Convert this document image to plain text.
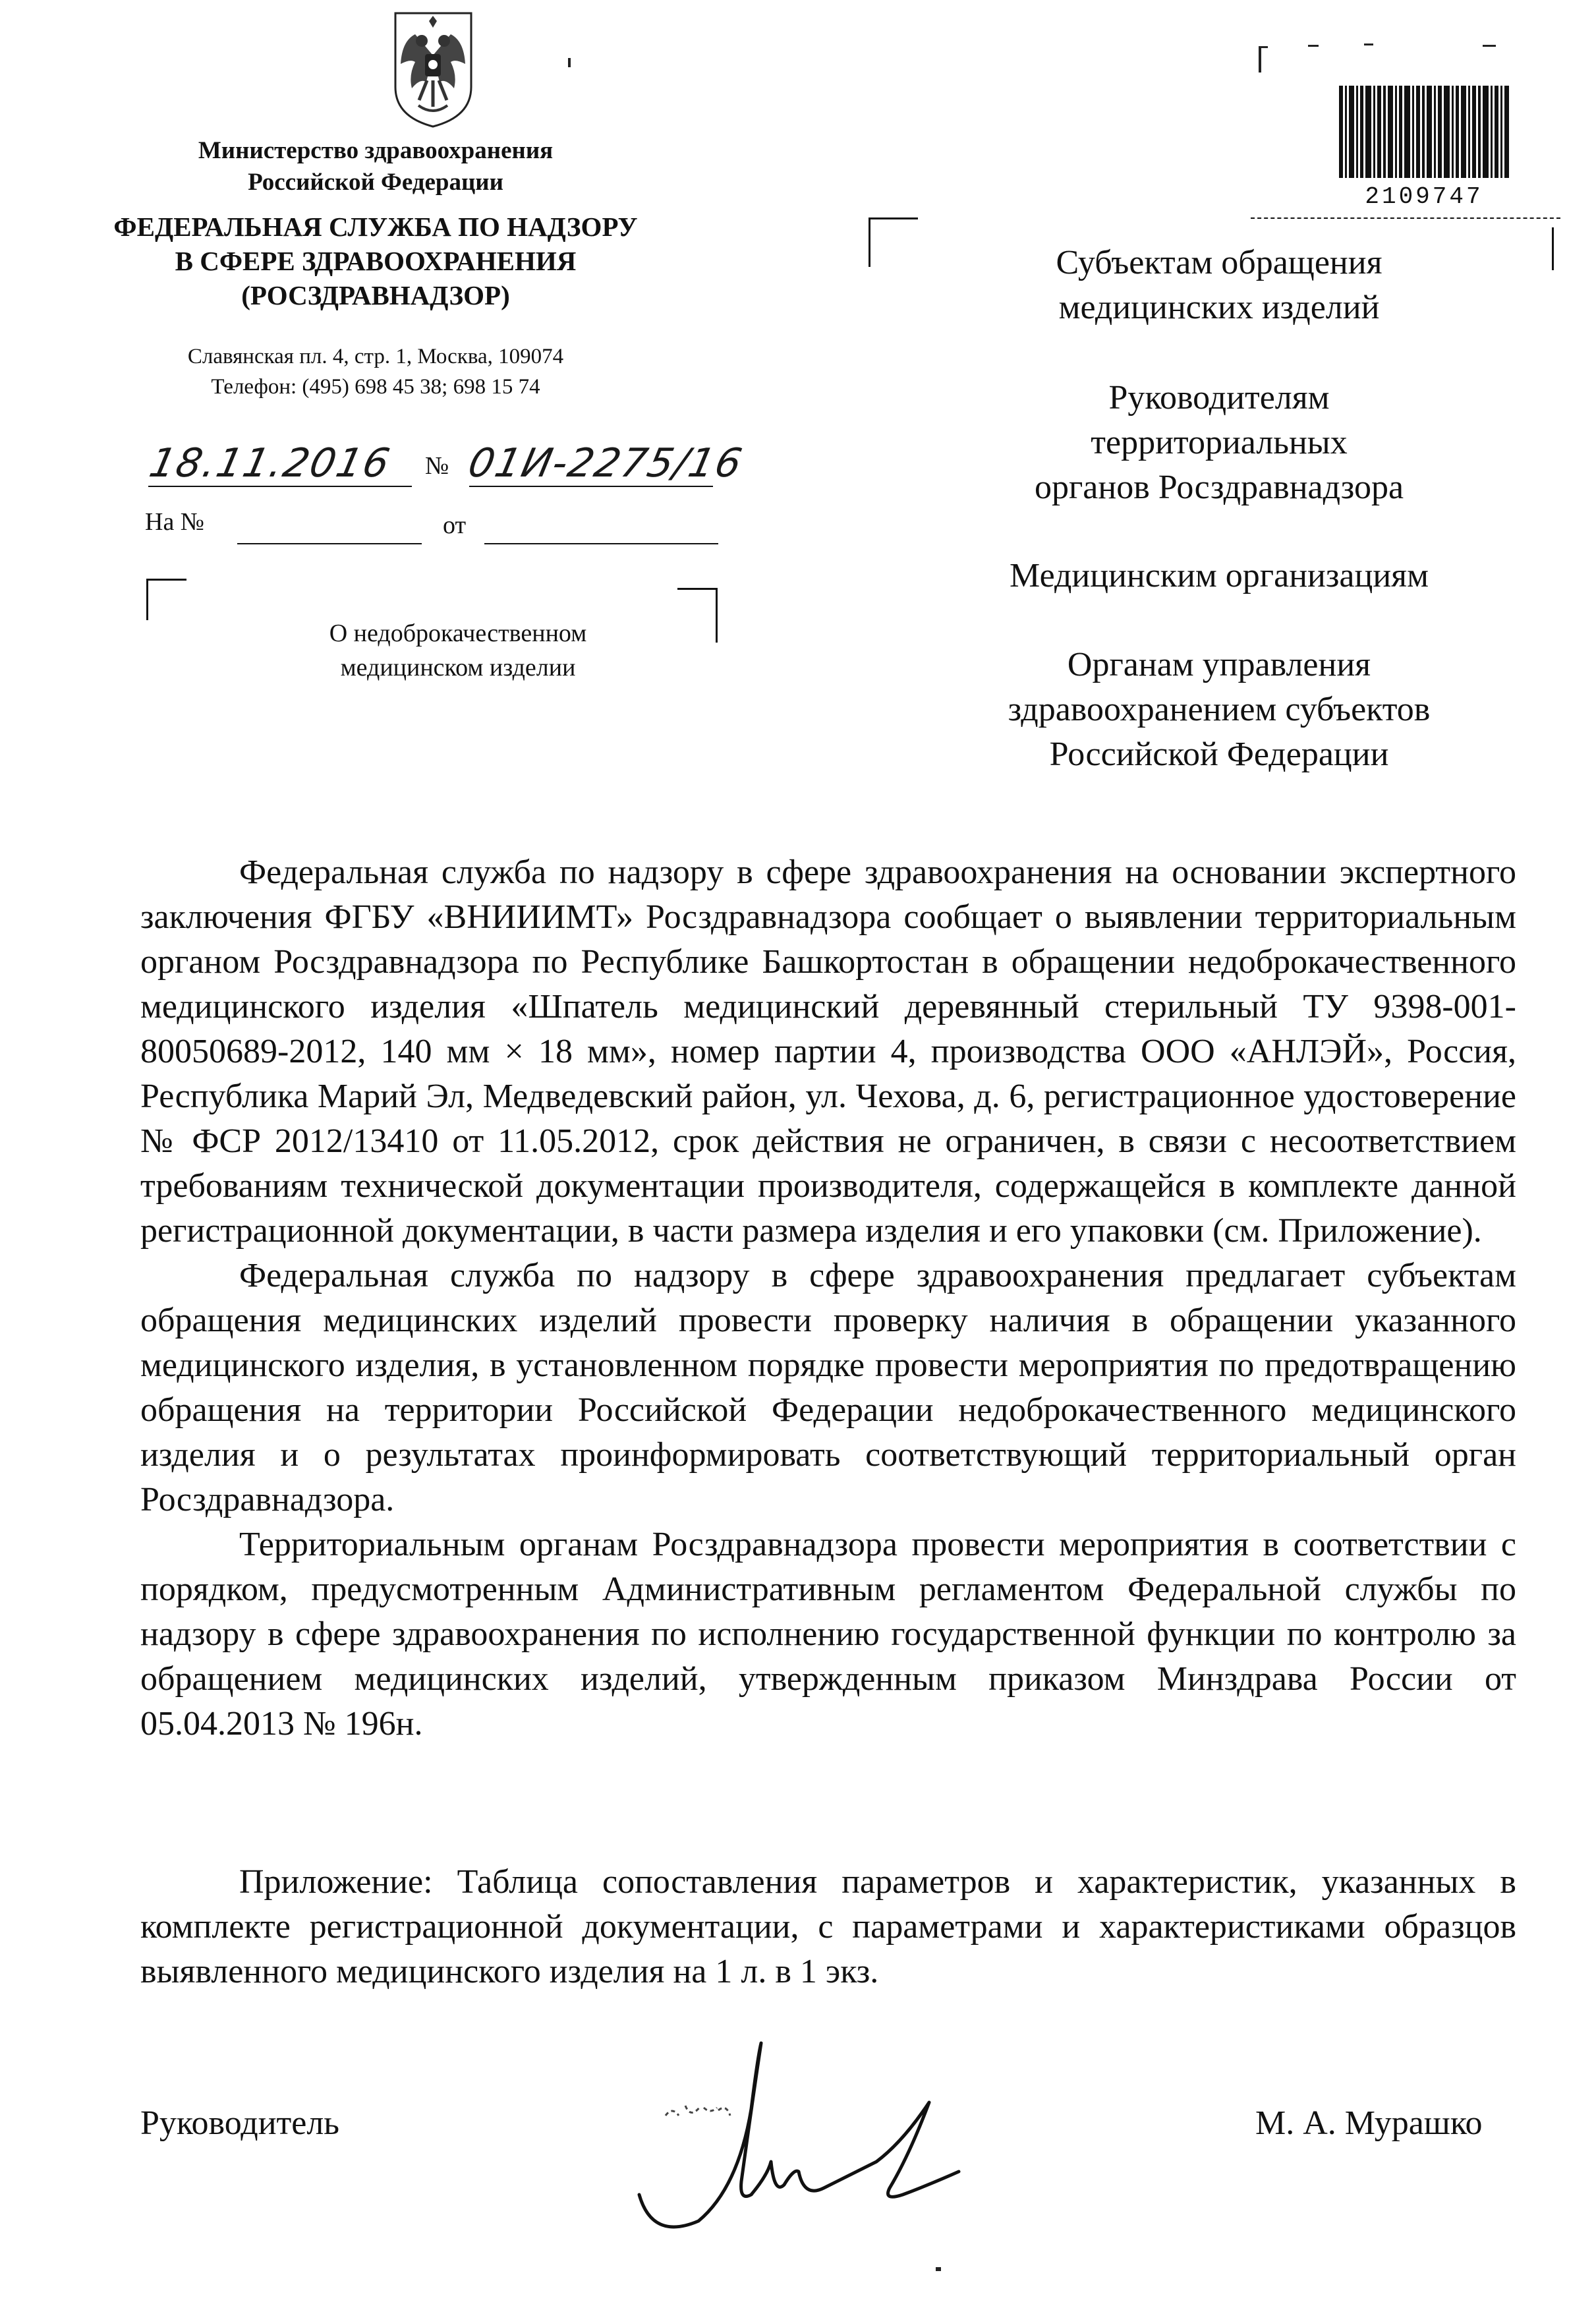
Министерство здравоохранения
Российской Федерации
ФЕДЕРАЛЬНАЯ СЛУЖБА ПО НАДЗОРУ
В СФЕРЕ ЗДРАВООХРАНЕНИЯ
(РОСЗДРАВНАДЗОР)
Славянская пл. 4, стр. 1, Москва, 109074
Телефон: (495) 698 45 38; 698 15 74
18.11.2016 № 01И-2275/16
На №	от
О недоброкачественном
медицинском изделии
2109747
Субъектам обращения
медицинских изделий
Руководителям
территориальных
органов Росздравнадзора
Медицинским организациям
Органам управления
здравоохранением субъектов
Российской Федерации

Федеральная служба по надзору в сфере здравоохранения на основании экспертного заключения ФГБУ «ВНИИИМТ» Росздравнадзора сообщает о выявлении территориальным органом Росздравнадзора по Республике Башкортостан в обращении недоброкачественного медицинского изделия «Шпатель медицинский деревянный стерильный ТУ 9398-001-80050689-2012, 140 мм × 18 мм», номер партии 4, производства ООО «АНЛЭЙ», Россия, Республика Марий Эл, Медведевский район, ул. Чехова, д. 6, регистрационное удостоверение № ФСР 2012/13410 от 11.05.2012, срок действия не ограничен, в связи с несоответствием требованиям технической документации производителя, содержащейся в комплекте данной регистрационной документации, в части размера изделия и его упаковки (см. Приложение).

Федеральная служба по надзору в сфере здравоохранения предлагает субъектам обращения медицинских изделий провести проверку наличия в обращении указанного медицинского изделия, в установленном порядке провести мероприятия по предотвращению обращения на территории Российской Федерации недоброкачественного медицинского изделия и о результатах проинформировать соответствующий территориальный орган Росздравнадзора.

Территориальным органам Росздравнадзора провести мероприятия в соответствии с порядком, предусмотренным Административным регламентом Федеральной службы по надзору в сфере здравоохранения по исполнению государственной функции по контролю за обращением медицинских изделий, утвержденным приказом Минздрава России от 05.04.2013 № 196н.

Приложение: Таблица сопоставления параметров и характеристик, указанных в комплекте регистрационной документации, с параметрами и характеристиками образцов выявленного медицинского изделия на 1 л. в 1 экз.

Руководитель	М. А. Мурашко
